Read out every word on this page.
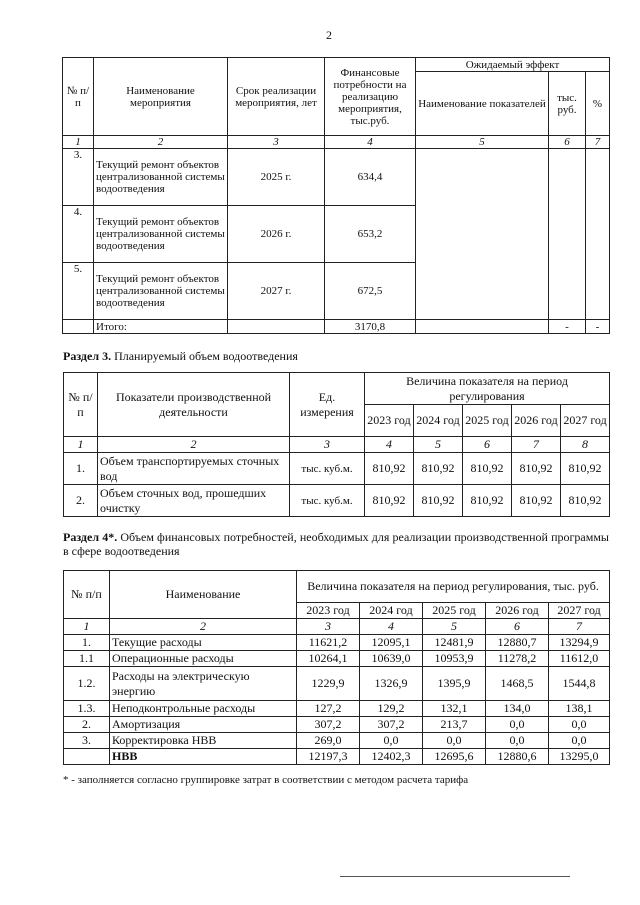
2
№ п/п	Наименование мероприятия	Срок реализации мероприятия, лет	Финансовые потребности на реализацию мероприятия, тыс.руб.	Ожидаемый эффект		
				Наименование показателей	тыс. руб.	%
1	2	3	4	5	6	7
3.	Текущий ремонт объектов централизованной системы водоотведения	2025 г.	634,4			
4.	Текущий ремонт объектов централизованной системы водоотведения	2026 г.	653,2			
5.	Текущий ремонт объектов централизованной системы водоотведения	2027 г.	672,5			
	Итого:		3170,8		-	-
Раздел 3. Планируемый объем водоотведения
№ п/п	Показатели производственной деятельности	Ед. измерения	Величина показателя на период регулирования				
			2023 год	2024 год	2025 год	2026 год	2027 год
1	2	3	4	5	6	7	8
1.	Объем транспортируемых сточных вод	тыс. куб.м.	810,92	810,92	810,92	810,92	810,92
2.	Объем сточных вод, прошедших очистку	тыс. куб.м.	810,92	810,92	810,92	810,92	810,92
Раздел 4*. Объем финансовых потребностей, необходимых для реализации производственной программы в сфере водоотведения
№ п/п	Наименование	Величина показателя на период регулирования, тыс. руб.				
		2023 год	2024 год	2025 год	2026 год	2027 год
1	2	3	4	5	6	7
1.	Текущие расходы	11621,2	12095,1	12481,9	12880,7	13294,9
1.1	Операционные расходы	10264,1	10639,0	10953,9	11278,2	11612,0
1.2.	Расходы на электрическую энергию	1229,9	1326,9	1395,9	1468,5	1544,8
1.3.	Неподконтрольные расходы	127,2	129,2	132,1	134,0	138,1
2.	Амортизация	307,2	307,2	213,7	0,0	0,0
3.	Корректировка НВВ	269,0	0,0	0,0	0,0	0,0
	НВВ	12197,3	12402,3	12695,6	12880,6	13295,0
* - заполняется согласно группировке затрат в соответствии с методом расчета тарифа
